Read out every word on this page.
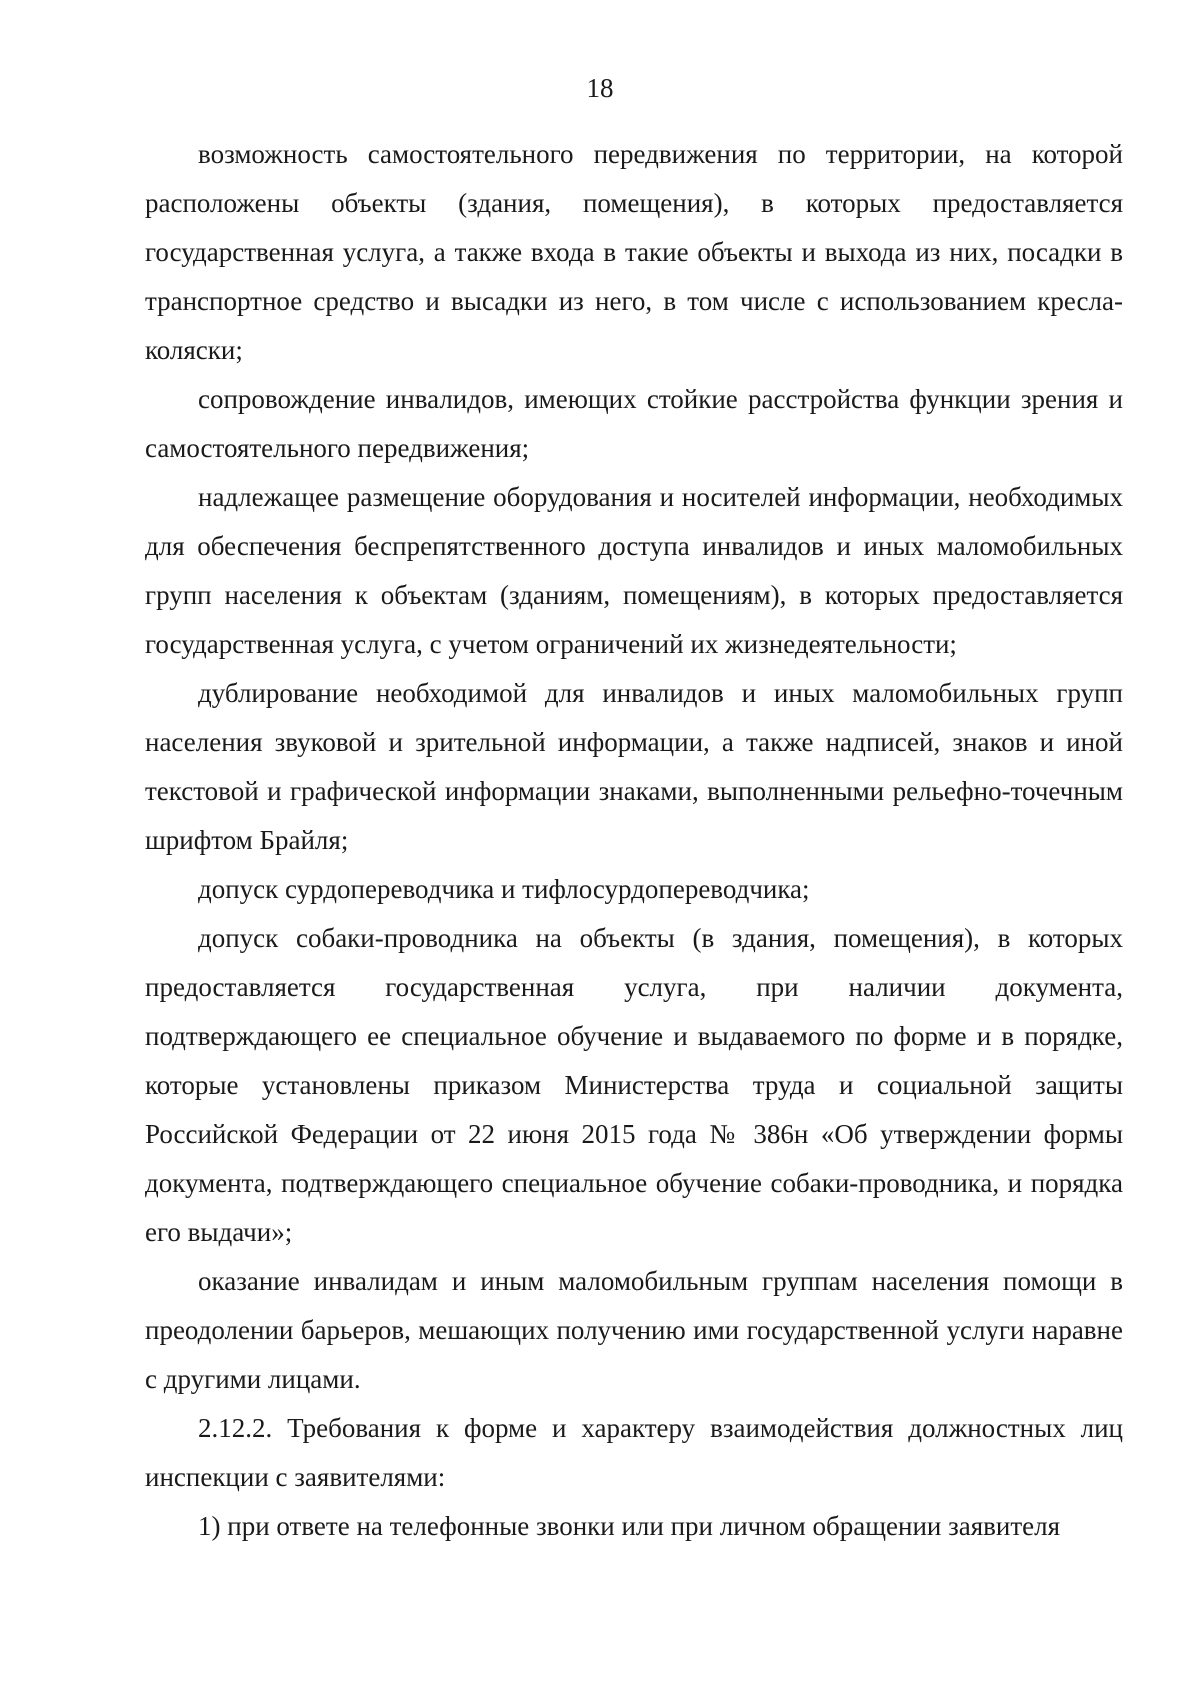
18

возможность самостоятельного передвижения по территории, на которой расположены объекты (здания, помещения), в которых предоставляется государственная услуга, а также входа в такие объекты и выхода из них, посадки в транспортное средство и высадки из него, в том числе с использованием кресла-коляски;

сопровождение инвалидов, имеющих стойкие расстройства функции зрения и самостоятельного передвижения;

надлежащее размещение оборудования и носителей информации, необходимых для обеспечения беспрепятственного доступа инвалидов и иных маломобильных групп населения к объектам (зданиям, помещениям), в которых предоставляется государственная услуга, с учетом ограничений их жизнедеятельности;

дублирование необходимой для инвалидов и иных маломобильных групп населения звуковой и зрительной информации, а также надписей, знаков и иной текстовой и графической информации знаками, выполненными рельефно-точечным шрифтом Брайля;

допуск сурдопереводчика и тифлосурдопереводчика;

допуск собаки-проводника на объекты (в здания, помещения), в которых предоставляется государственная услуга, при наличии документа, подтверждающего ее специальное обучение и выдаваемого по форме и в порядке, которые установлены приказом Министерства труда и социальной защиты Российской Федерации от 22 июня 2015 года № 386н «Об утверждении формы документа, подтверждающего специальное обучение собаки-проводника, и порядка его выдачи»;

оказание инвалидам и иным маломобильным группам населения помощи в преодолении барьеров, мешающих получению ими государственной услуги наравне с другими лицами.

2.12.2. Требования к форме и характеру взаимодействия должностных лиц инспекции с заявителями:

1) при ответе на телефонные звонки или при личном обращении заявителя
